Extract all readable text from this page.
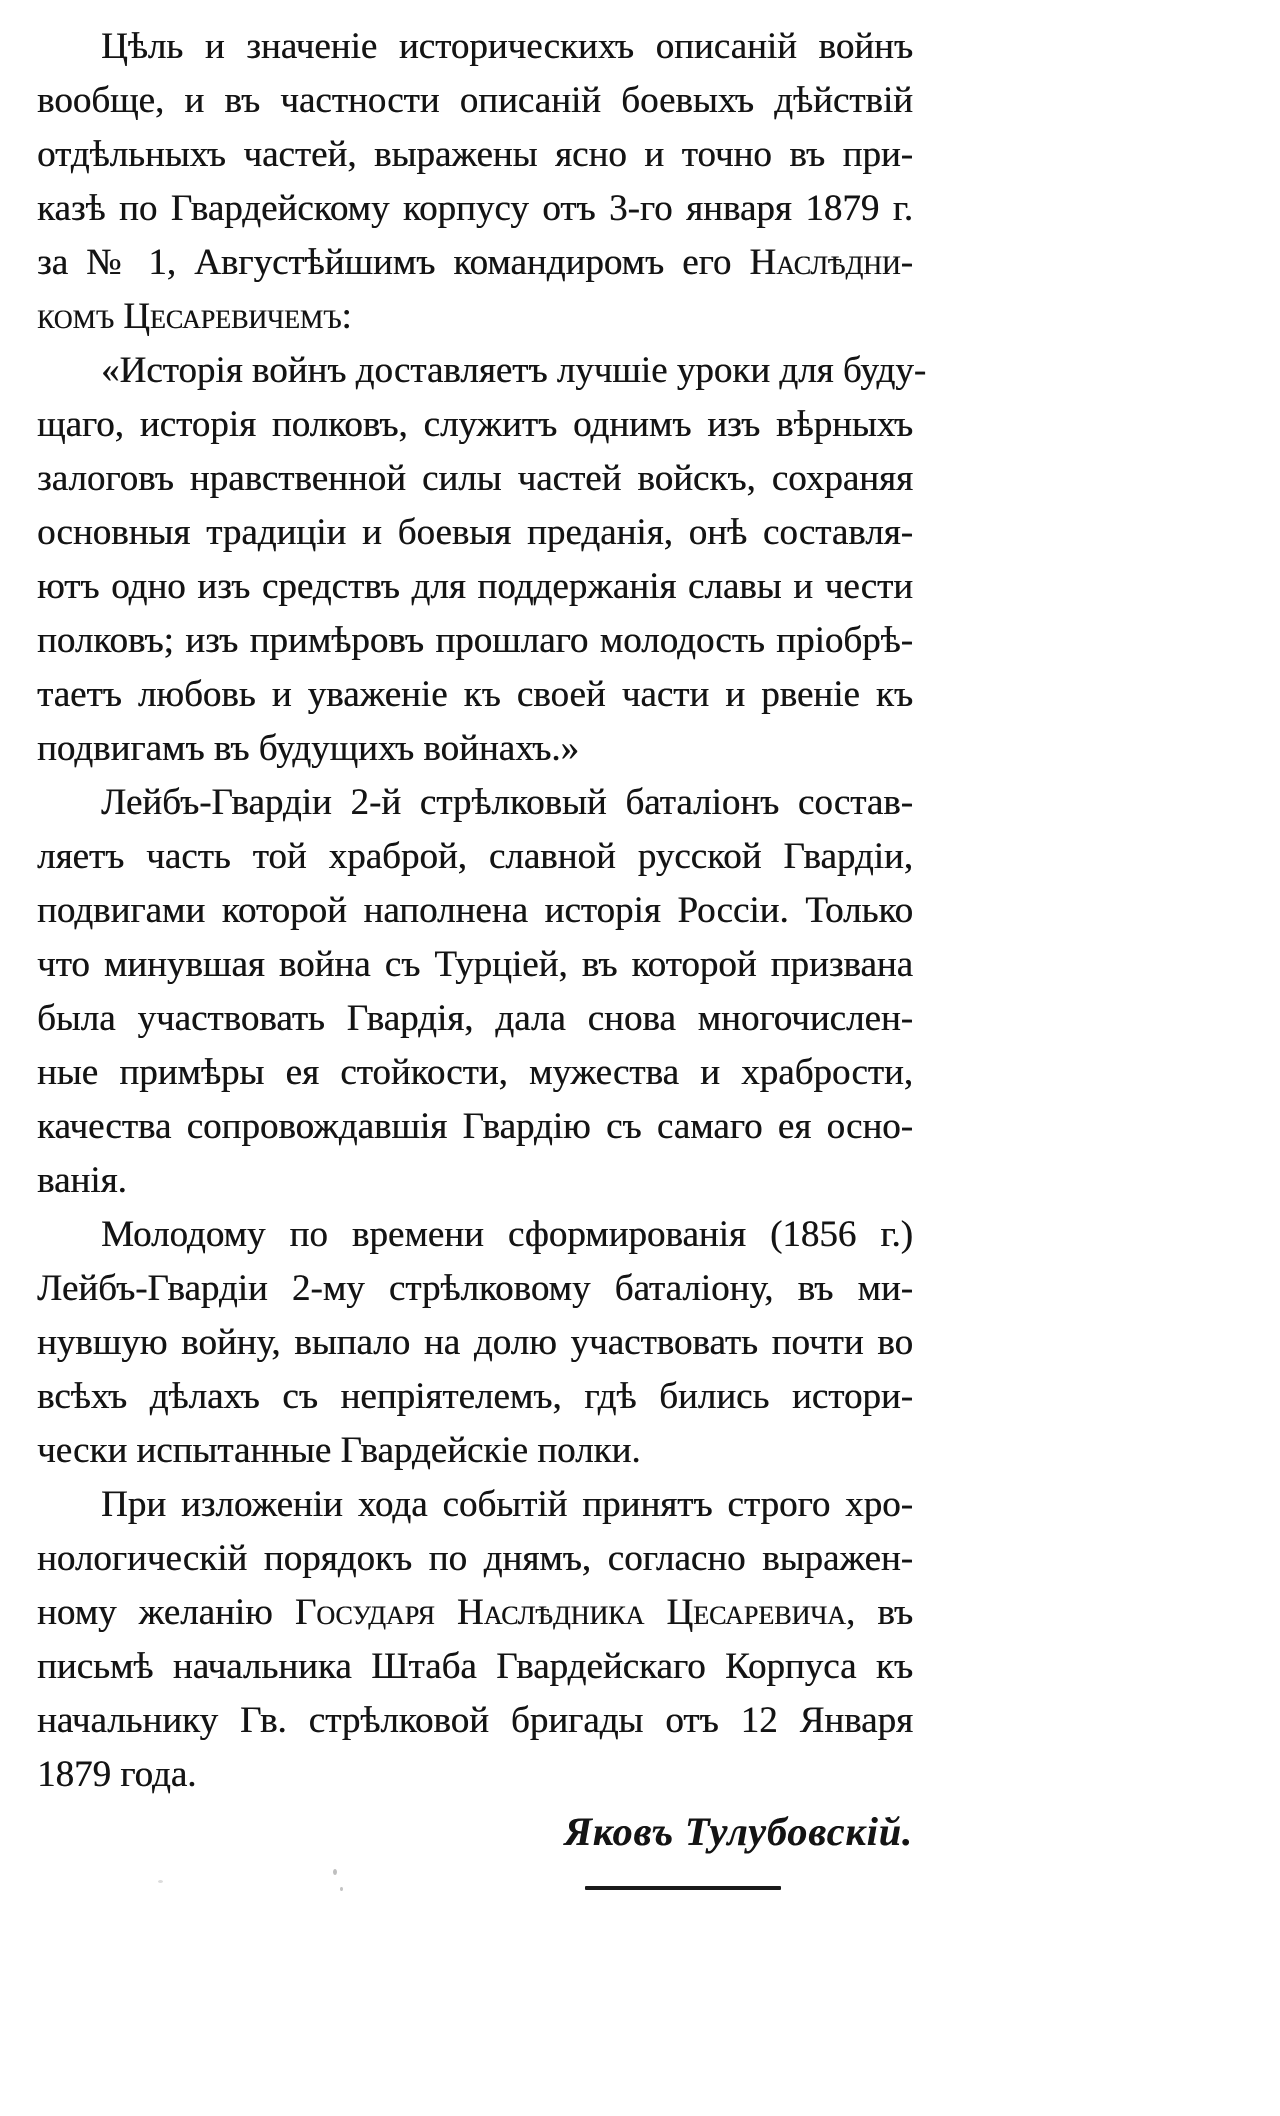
Цѣль и значеніе историческихъ описаній войнъ
вообще, и въ частности описаній боевыхъ дѣйствій
отдѣльныхъ частей, выражены ясно и точно въ при-
казѣ по Гвардейскому корпусу отъ 3-го января 1879 г.
за № 1, Августѣйшимъ командиромъ его Наслѣдни-
комъ Цесаревичемъ:
«Исторія войнъ доставляетъ лучшіе уроки для буду-
щаго, исторія полковъ, служитъ однимъ изъ вѣрныхъ
залоговъ нравственной силы частей войскъ, сохраняя
основныя традиціи и боевыя преданія, онѣ составля-
ютъ одно изъ средствъ для поддержанія славы и чести
полковъ; изъ примѣровъ прошлаго молодость пріобрѣ-
таетъ любовь и уваженіе къ своей части и рвеніе къ
подвигамъ въ будущихъ войнахъ.»
Лейбъ-Гвардіи 2-й стрѣлковый баталіонъ состав-
ляетъ часть той храброй, славной русской Гвардіи,
подвигами которой наполнена исторія Россіи. Только
что минувшая война съ Турціей, въ которой призвана
была участвовать Гвардія, дала снова многочислен-
ные примѣры ея стойкости, мужества и храбрости,
качества сопровождавшія Гвардію съ самаго ея осно-
ванія.
Молодому по времени сформированія (1856 г.)
Лейбъ-Гвардіи 2-му стрѣлковому баталіону, въ ми-
нувшую войну, выпало на долю участвовать почти во
всѣхъ дѣлахъ съ непріятелемъ, гдѣ бились истори-
чески испытанные Гвардейскіе полки.
При изложеніи хода событій принятъ строго хро-
нологическій порядокъ по днямъ, согласно выражен-
ному желанію Государя Наслѣдника Цесаревича, въ
письмѣ начальника Штаба Гвардейскаго Корпуса къ
начальнику Гв. стрѣлковой бригады отъ 12 Января
1879 года.
Яковъ Тулубовскій.
